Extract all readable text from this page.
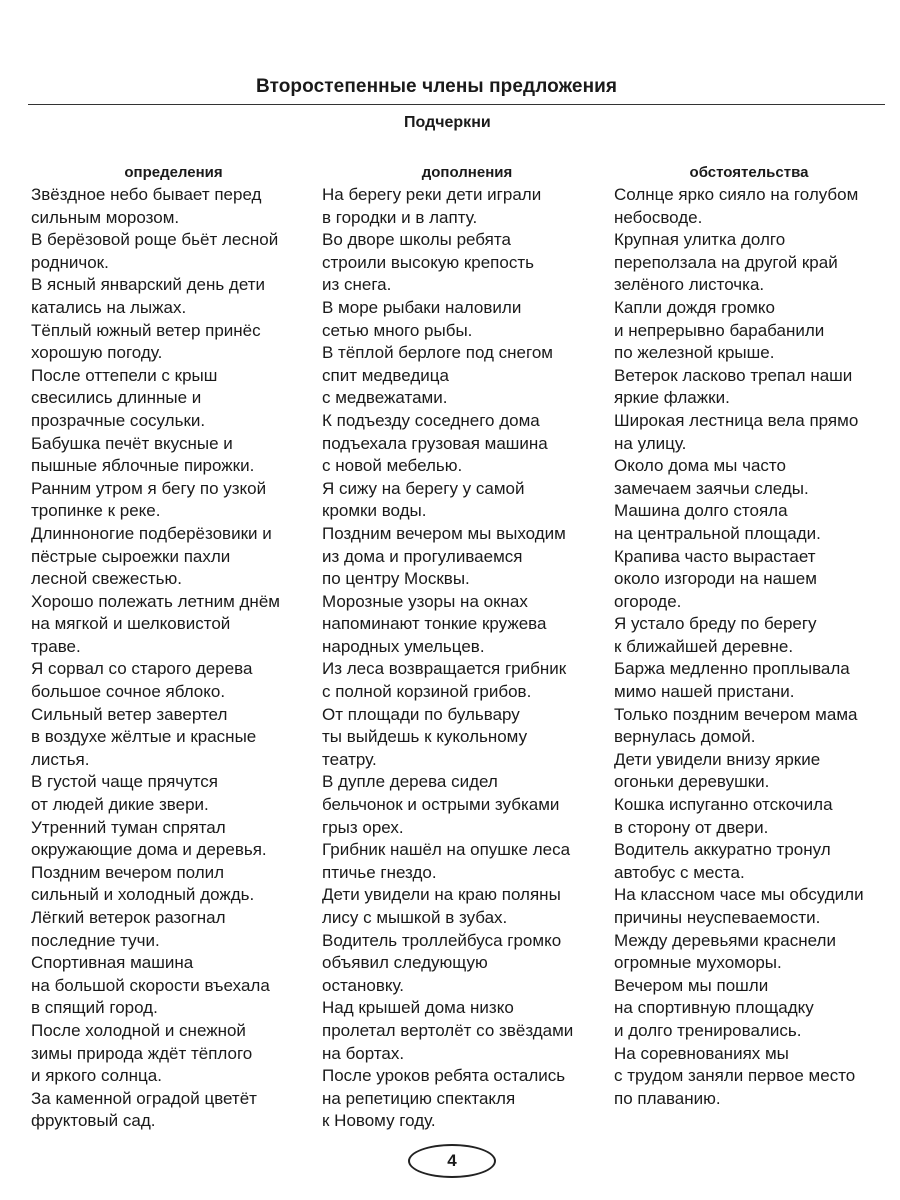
Второстепенные члены предложения
Подчеркни
определения

Звёздное небо бывает перед
сильным морозом.
В берёзовой роще бьёт лесной
родничок.
В ясный январский день дети
катались на лыжах.
Тёплый южный ветер принёс
хорошую погоду.
После оттепели с крыш
свесились длинные и
прозрачные сосульки.
Бабушка печёт вкусные и
пышные яблочные пирожки.
Ранним утром я бегу по узкой
тропинке к реке.
Длинноногие подберёзовики и
пёстрые сыроежки пахли
лесной свежестью.
Хорошо полежать летним днём
на мягкой и шелковистой
траве.
Я сорвал со старого дерева
большое сочное яблоко.
Сильный ветер завертел
в воздухе жёлтые и красные
листья.
В густой чаще прячутся
от людей дикие звери.
Утренний туман спрятал
окружающие дома и деревья.
Поздним вечером полил
сильный и холодный дождь.
Лёгкий ветерок разогнал
последние тучи.
Спортивная машина
на большой скорости въехала
в спящий город.
После холодной и снежной
зимы природа ждёт тёплого
и яркого солнца.
За каменной оградой цветёт
фруктовый сад.

дополнения

На берегу реки дети играли
в городки и в лапту.
Во дворе школы ребята
строили высокую крепость
из снега.
В море рыбаки наловили
сетью много рыбы.
В тёплой берлоге под снегом
спит медведица
с медвежатами.
К подъезду соседнего дома
подъехала грузовая машина
с новой мебелью.
Я сижу на берегу у самой
кромки воды.
Поздним вечером мы выходим
из дома и прогуливаемся
по центру Москвы.
Морозные узоры на окнах
напоминают тонкие кружева
народных умельцев.
Из леса возвращается грибник
с полной корзиной грибов.
От площади по бульвару
ты выйдешь к кукольному
театру.
В дупле дерева сидел
бельчонок и острыми зубками
грыз орех.
Грибник нашёл на опушке леса
птичье гнездо.
Дети увидели на краю поляны
лису с мышкой в зубах.
Водитель троллейбуса громко
объявил следующую
остановку.
Над крышей дома низко
пролетал вертолёт со звёздами
на бортах.
После уроков ребята остались
на репетицию спектакля
к Новому году.

обстоятельства

Солнце ярко сияло на голубом
небосводе.
Крупная улитка долго
переползала на другой край
зелёного листочка.
Капли дождя громко
и непрерывно барабанили
по железной крыше.
Ветерок ласково трепал наши
яркие флажки.
Широкая лестница вела прямо
на улицу.
Около дома мы часто
замечаем заячьи следы.
Машина долго стояла
на центральной площади.
Крапива часто вырастает
около изгороди на нашем
огороде.
Я устало бреду по берегу
к ближайшей деревне.
Баржа медленно проплывала
мимо нашей пристани.
Только поздним вечером мама
вернулась домой.
Дети увидели внизу яркие
огоньки деревушки.
Кошка испуганно отскочила
в сторону от двери.
Водитель аккуратно тронул
автобус с места.
На классном часе мы обсудили
причины неуспеваемости.
Между деревьями краснели
огромные мухоморы.
Вечером мы пошли
на спортивную площадку
и долго тренировались.
На соревнованиях мы
с трудом заняли первое место
по плаванию.

4
